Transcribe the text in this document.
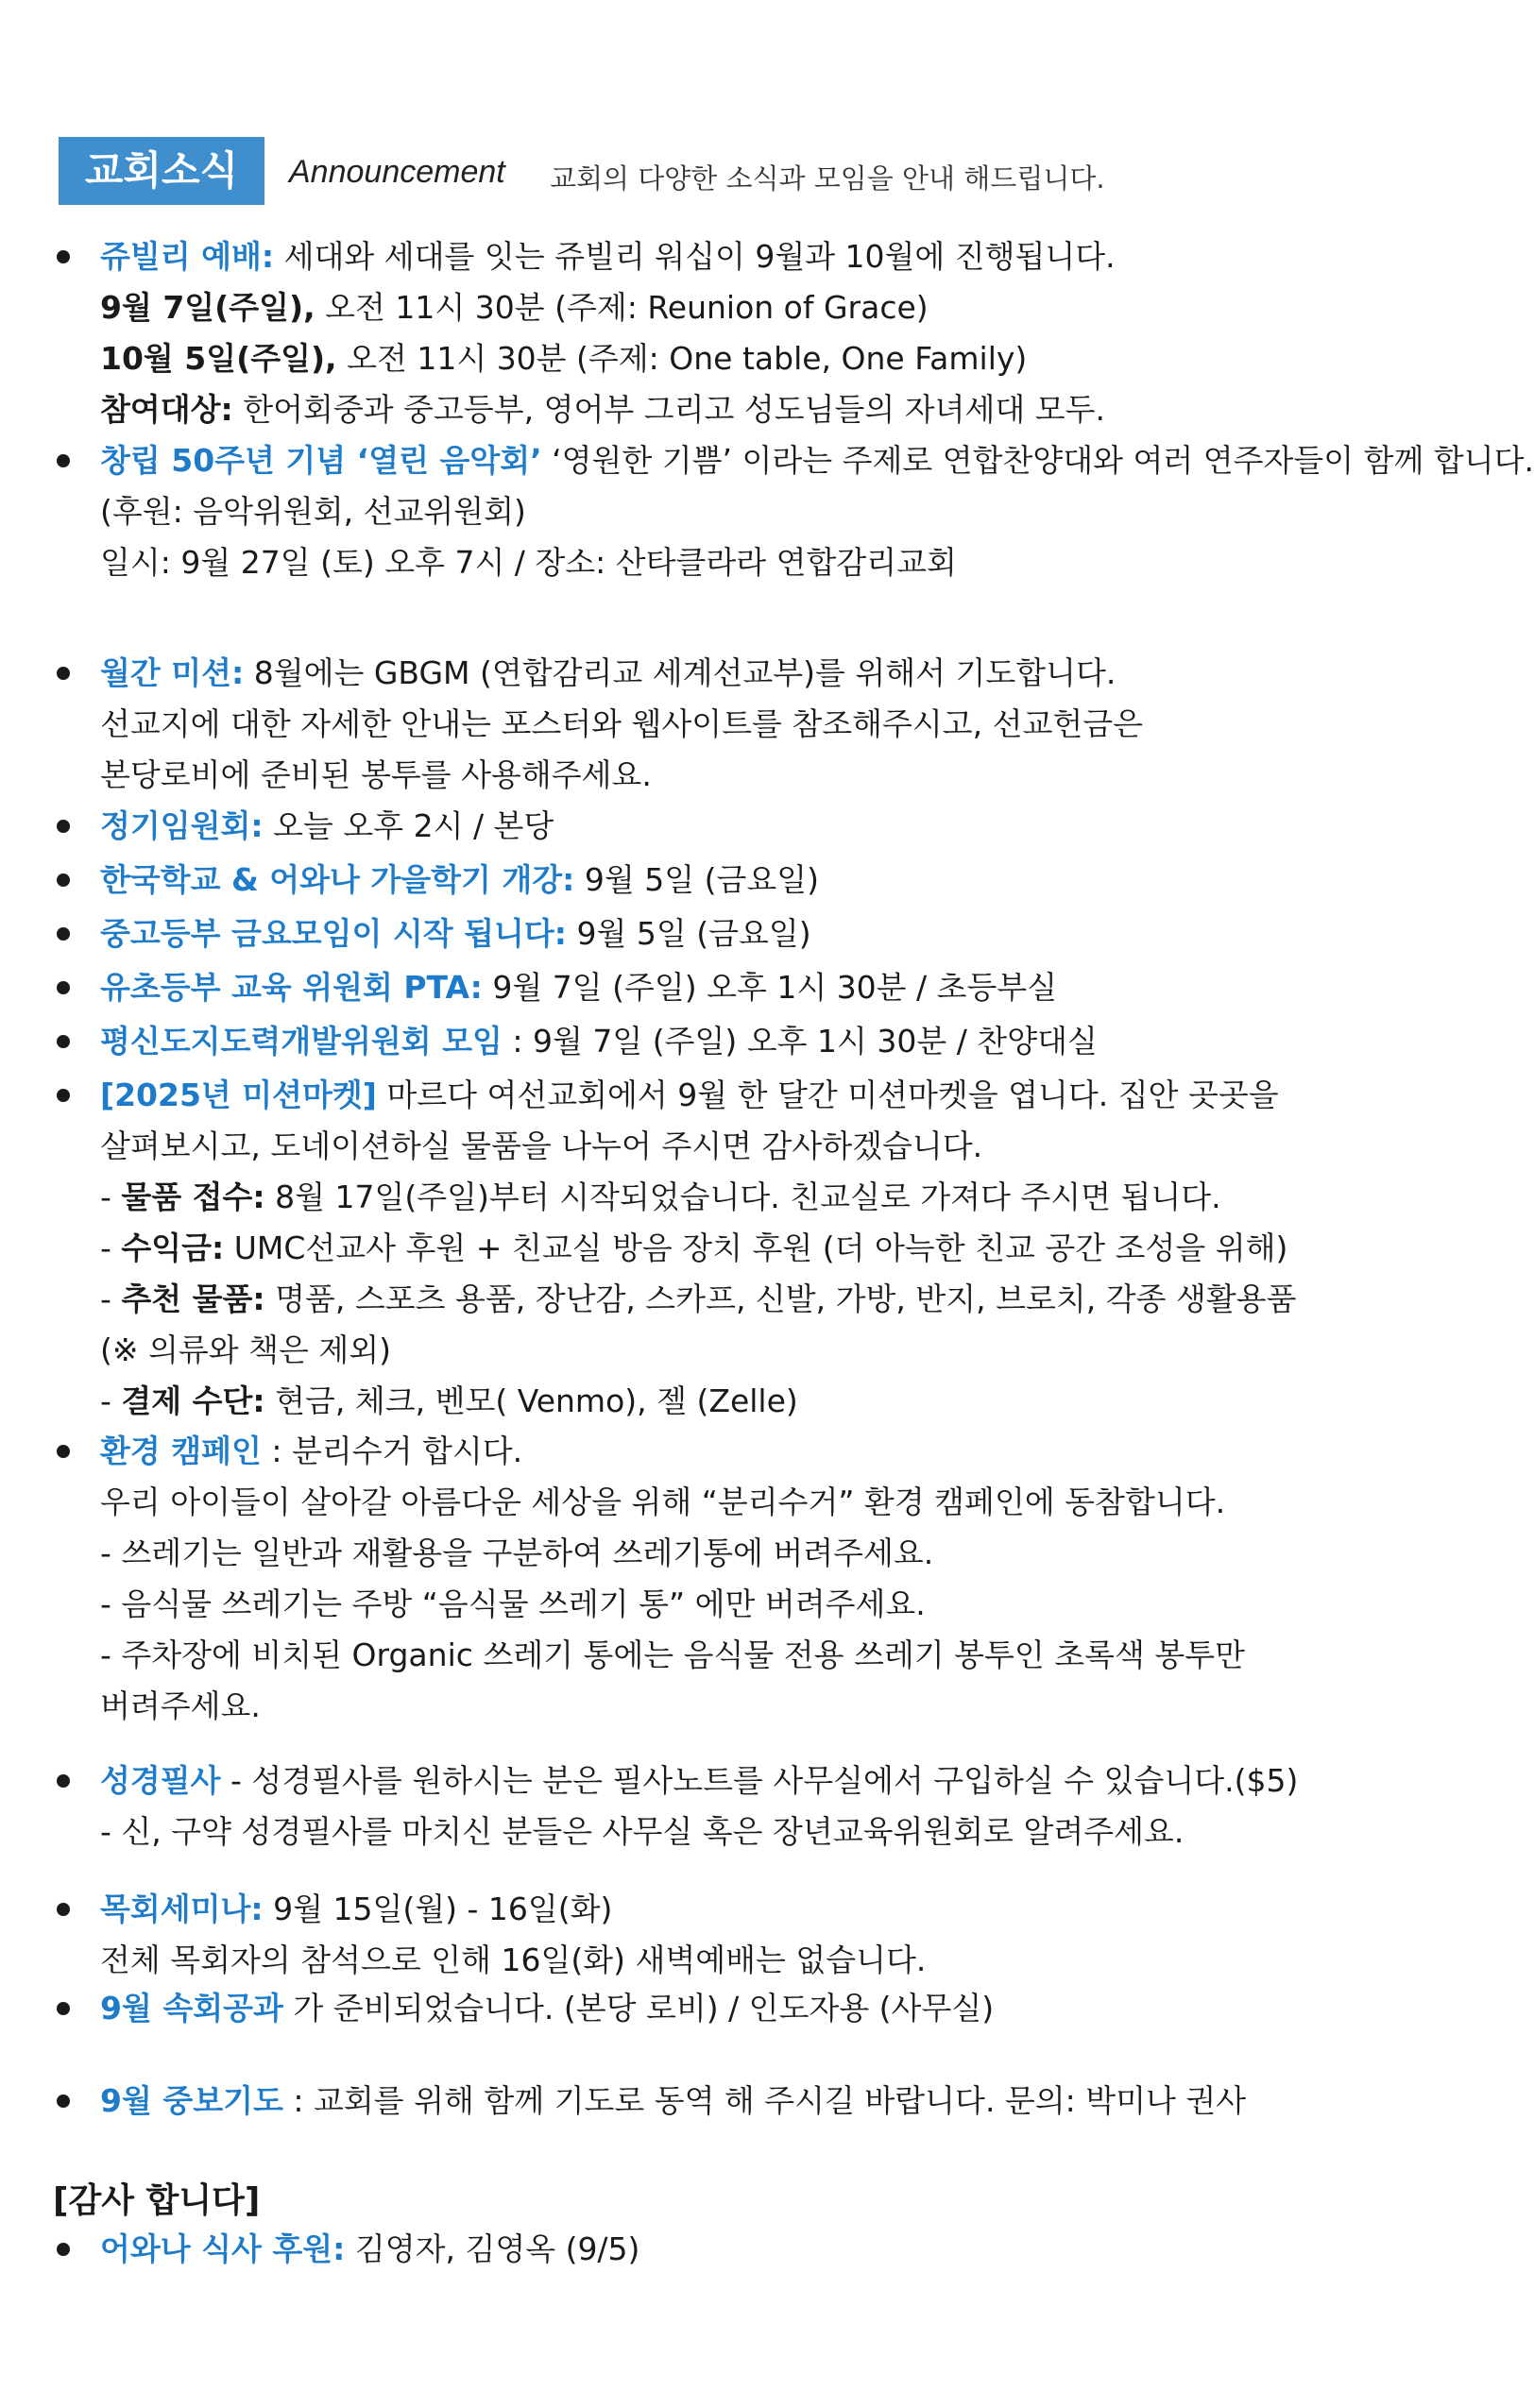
교회소식	Announcement 교회의 다양한 소식과 모임을 안내 해드립니다.
쥬빌리 예배: 세대와 세대를 잇는 쥬빌리 워십이 9월과 10월에 진행됩니다.
9월 7일(주일), 오전 11시 30분 (주제: Reunion of Grace)
10월 5일(주일), 오전 11시 30분 (주제: One table, One Family)
참여대상: 한어회중과 중고등부, 영어부 그리고 성도님들의 자녀세대 모두.
창립 50주년 기념 ‘열린 음악회’ ‘영원한 기쁨’ 이라는 주제로 연합찬양대와 여러 연주자들이 함께 합니다.
(후원: 음악위원회, 선교위원회)
일시: 9월 27일 (토) 오후 7시 / 장소: 산타클라라 연합감리교회
월간 미션: 8월에는 GBGM (연합감리교 세계선교부)를 위해서 기도합니다.
선교지에 대한 자세한 안내는 포스터와 웹사이트를 참조해주시고, 선교헌금은
본당로비에 준비된 봉투를 사용해주세요.
정기임원회: 오늘 오후 2시 / 본당
한국학교 & 어와나 가을학기 개강: 9월 5일 (금요일)
중고등부 금요모임이 시작 됩니다: 9월 5일 (금요일)
유초등부 교육 위원회 PTA: 9월 7일 (주일) 오후 1시 30분 / 초등부실
평신도지도력개발위원회 모임 : 9월 7일 (주일) 오후 1시 30분 / 찬양대실
[2025년 미션마켓] 마르다 여선교회에서 9월 한 달간 미션마켓을 엽니다. 집안 곳곳을
살펴보시고, 도네이션하실 물품을 나누어 주시면 감사하겠습니다.
- 물품 접수: 8월 17일(주일)부터 시작되었습니다. 친교실로 가져다 주시면 됩니다.
- 수익금: UMC선교사 후원 + 친교실 방음 장치 후원 (더 아늑한 친교 공간 조성을 위해)
- 추천 물품: 명품, 스포츠 용품, 장난감, 스카프, 신발, 가방, 반지, 브로치, 각종 생활용품
(※ 의류와 책은 제외)
- 결제 수단: 현금, 체크, 벤모( Venmo), 젤 (Zelle)
환경 캠페인 : 분리수거 합시다.
우리 아이들이 살아갈 아름다운 세상을 위해 “분리수거” 환경 캠페인에 동참합니다.
- 쓰레기는 일반과 재활용을 구분하여 쓰레기통에 버려주세요.
- 음식물 쓰레기는 주방 “음식물 쓰레기 통” 에만 버려주세요.
- 주차장에 비치된 Organic 쓰레기 통에는 음식물 전용 쓰레기 봉투인 초록색 봉투만
버려주세요.
성경필사 - 성경필사를 원하시는 분은 필사노트를 사무실에서 구입하실 수 있습니다.($5)
- 신, 구약 성경필사를 마치신 분들은 사무실 혹은 장년교육위원회로 알려주세요.
목회세미나: 9월 15일(월) - 16일(화)
전체 목회자의 참석으로 인해 16일(화) 새벽예배는 없습니다.
9월 속회공과 가 준비되었습니다. (본당 로비) / 인도자용 (사무실)
9월 중보기도 : 교회를 위해 함께 기도로 동역 해 주시길 바랍니다. 문의: 박미나 권사
[감사 합니다]
어와나 식사 후원: 김영자, 김영옥 (9/5)
